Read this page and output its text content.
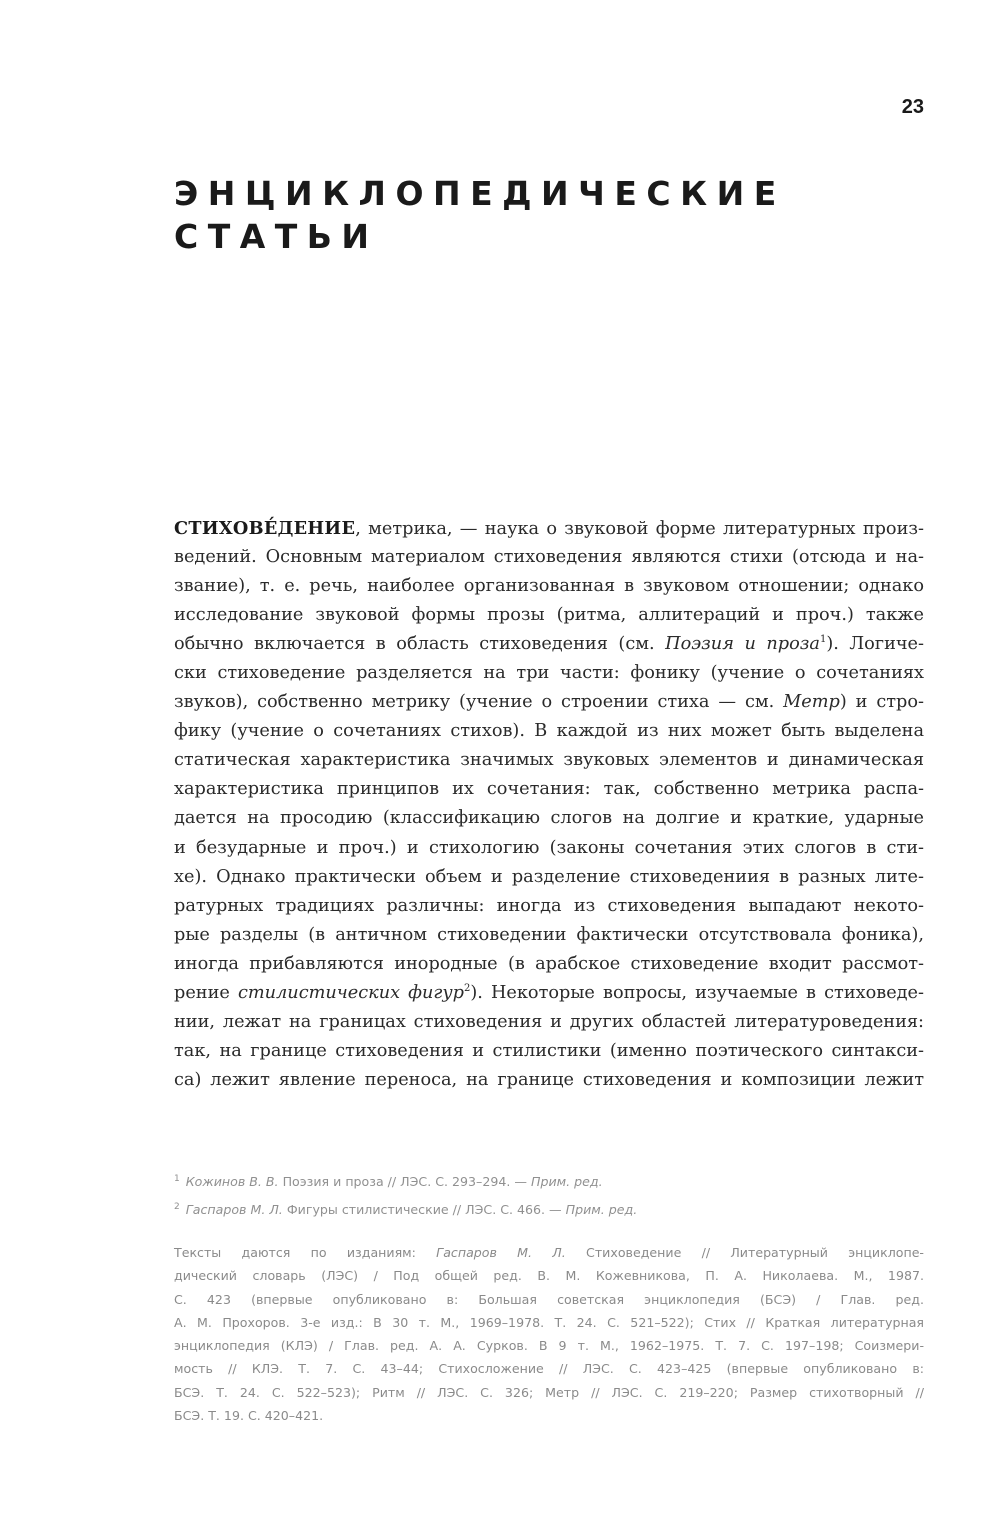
23
ЭНЦИКЛОПЕДИЧЕСКИЕ
СТАТЬИ
СТИХОВЕ́ДЕНИЕ, метрика, — наука о звуковой форме литературных произ-
ведений. Основным материалом стиховедения являются стихи (отсюда и на-
звание), т. е. речь, наиболее организованная в звуковом отношении; однако
исследование звуковой формы прозы (ритма, аллитераций и проч.) также
обычно включается в область стиховедения (см. Поэзия и проза$^1$). Логиче-
ски стиховедение разделяется на три части: фонику (учение о сочетаниях
звуков), собственно метрику (учение о строении стиха — см. Метр) и стро-
фику (учение о сочетаниях стихов). В каждой из них может быть выделена
статическая характеристика значимых звуковых элементов и динамическая
характеристика принципов их сочетания: так, собственно метрика распа-
дается на просодию (классификацию слогов на долгие и краткие, ударные
и безударные и проч.) и стихологию (законы сочетания этих слогов в сти-
хе). Однако практически объем и разделение стиховедениия в разных лите-
ратурных традициях различны: иногда из стиховедения выпадают некото-
рые разделы (в античном стиховедении фактически отсутствовала фоника),
иногда прибавляются инородные (в арабское стиховедение входит рассмот-
рение стилистических фигур$^2$). Некоторые вопросы, изучаемые в стиховеде-
нии, лежат на границах стиховедения и других областей литературоведения:
так, на границе стиховедения и стилистики (именно поэтического синтакси-
са) лежит явление переноса, на границе стиховедения и композиции лежит
$^1$ Кожинов В. В. Поэзия и проза // ЛЭС. С. 293–294. — Прим. ред.
$^2$ Гаспаров М. Л. Фигуры стилистические // ЛЭС. С. 466. — Прим. ред.
Тексты даются по изданиям: Гаспаров М. Л. Стиховедение // Литературный энциклопе-
дический словарь (ЛЭС) / Под общей ред. В. М. Кожевникова, П. А. Николаева. М., 1987.
С. 423 (впервые опубликовано в: Большая советская энциклопедия (БСЭ) / Глав. ред.
А. М. Прохоров. 3-е изд.: В 30 т. М., 1969–1978. Т. 24. С. 521–522); Стих // Краткая литературная
энциклопедия (КЛЭ) / Глав. ред. А. А. Сурков. В 9 т. М., 1962–1975. Т. 7. С. 197–198; Соизмери-
мость // КЛЭ. Т. 7. С. 43–44; Стихосложение // ЛЭС. С. 423–425 (впервые опубликовано в:
БСЭ. Т. 24. С. 522–523); Ритм // ЛЭС. С. 326; Метр // ЛЭС. С. 219–220; Размер стихотворный //
БСЭ. Т. 19. С. 420–421.
